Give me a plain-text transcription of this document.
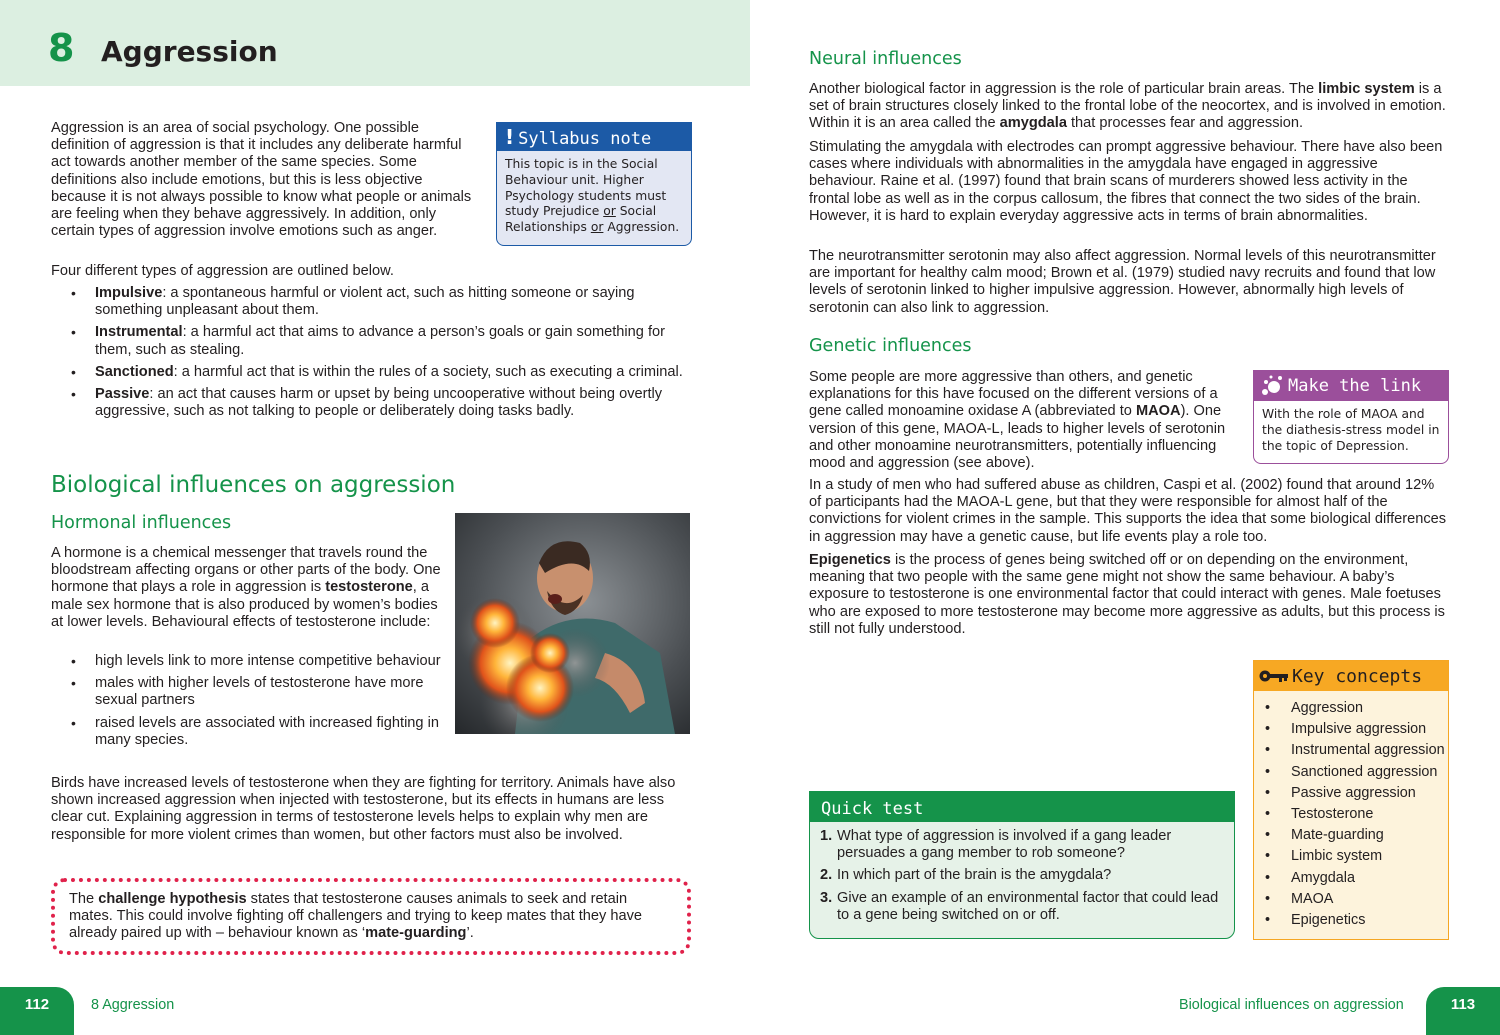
8 Aggression
Aggression is an area of social psychology. One possible definition of aggression is that it includes any deliberate harmful act towards another member of the same species. Some definitions also include emotions, but this is less objective because it is not always possible to know what people or animals are feeling when they behave aggressively. In addition, only certain types of aggression involve emotions such as anger.
! Syllabus note
This topic is in the Social Behaviour unit. Higher Psychology students must study Prejudice or Social Relationships or Aggression.
Four different types of aggression are outlined below.
• Impulsive: a spontaneous harmful or violent act, such as hitting someone or saying something unpleasant about them.
• Instrumental: a harmful act that aims to advance a person’s goals or gain something for them, such as stealing.
• Sanctioned: a harmful act that is within the rules of a society, such as executing a criminal.
• Passive: an act that causes harm or upset by being uncooperative without being overtly aggressive, such as not talking to people or deliberately doing tasks badly.
Biological influences on aggression
Hormonal influences
A hormone is a chemical messenger that travels round the bloodstream affecting organs or other parts of the body. One hormone that plays a role in aggression is testosterone, a male sex hormone that is also produced by women’s bodies at lower levels. Behavioural effects of testosterone include:
• high levels link to more intense competitive behaviour
• males with higher levels of testosterone have more sexual partners
• raised levels are associated with increased fighting in many species.
Birds have increased levels of testosterone when they are fighting for territory. Animals have also shown increased aggression when injected with testosterone, but its effects in humans are less clear cut. Explaining aggression in terms of testosterone levels helps to explain why men are responsible for more violent crimes than women, but other factors must also be involved.
The challenge hypothesis states that testosterone causes animals to seek and retain mates. This could involve fighting off challengers and trying to keep mates that they have already paired up with – behaviour known as ‘mate-guarding’.
112	8 Aggression
Neural influences
Another biological factor in aggression is the role of particular brain areas. The limbic system is a set of brain structures closely linked to the frontal lobe of the neocortex, and is involved in emotion. Within it is an area called the amygdala that processes fear and aggression.
Stimulating the amygdala with electrodes can prompt aggressive behaviour. There have also been cases where individuals with abnormalities in the amygdala have engaged in aggressive behaviour. Raine et al. (1997) found that brain scans of murderers showed less activity in the frontal lobe as well as in the corpus callosum, the fibres that connect the two sides of the brain. However, it is hard to explain everyday aggressive acts in terms of brain abnormalities.
The neurotransmitter serotonin may also affect aggression. Normal levels of this neurotransmitter are important for healthy calm mood; Brown et al. (1979) studied navy recruits and found that low levels of serotonin linked to higher impulsive aggression. However, abnormally high levels of serotonin can also link to aggression.
Genetic influences
Some people are more aggressive than others, and genetic explanations for this have focused on the different versions of a gene called monoamine oxidase A (abbreviated to MAOA). One version of this gene, MAOA-L, leads to higher levels of serotonin and other monoamine neurotransmitters, potentially influencing mood and aggression (see above).
Make the link
With the role of MAOA and the diathesis-stress model in the topic of Depression.
In a study of men who had suffered abuse as children, Caspi et al. (2002) found that around 12% of participants had the MAOA-L gene, but that they were responsible for almost half of the convictions for violent crimes in the sample. This supports the idea that some biological differences in aggression may have a genetic cause, but life events play a role too.
Epigenetics is the process of genes being switched off or on depending on the environment, meaning that two people with the same gene might not show the same behaviour. A baby’s exposure to testosterone is one environmental factor that could interact with genes. Male foetuses who are exposed to more testosterone may become more aggressive as adults, but this process is still not fully understood.
Key concepts
• Aggression
• Impulsive aggression
• Instrumental aggression
• Sanctioned aggression
• Passive aggression
• Testosterone
• Mate-guarding
• Limbic system
• Amygdala
• MAOA
• Epigenetics
Quick test
1. What type of aggression is involved if a gang leader persuades a gang member to rob someone?
2. In which part of the brain is the amygdala?
3. Give an example of an environmental factor that could lead to a gene being switched on or off.
Biological influences on aggression	113
